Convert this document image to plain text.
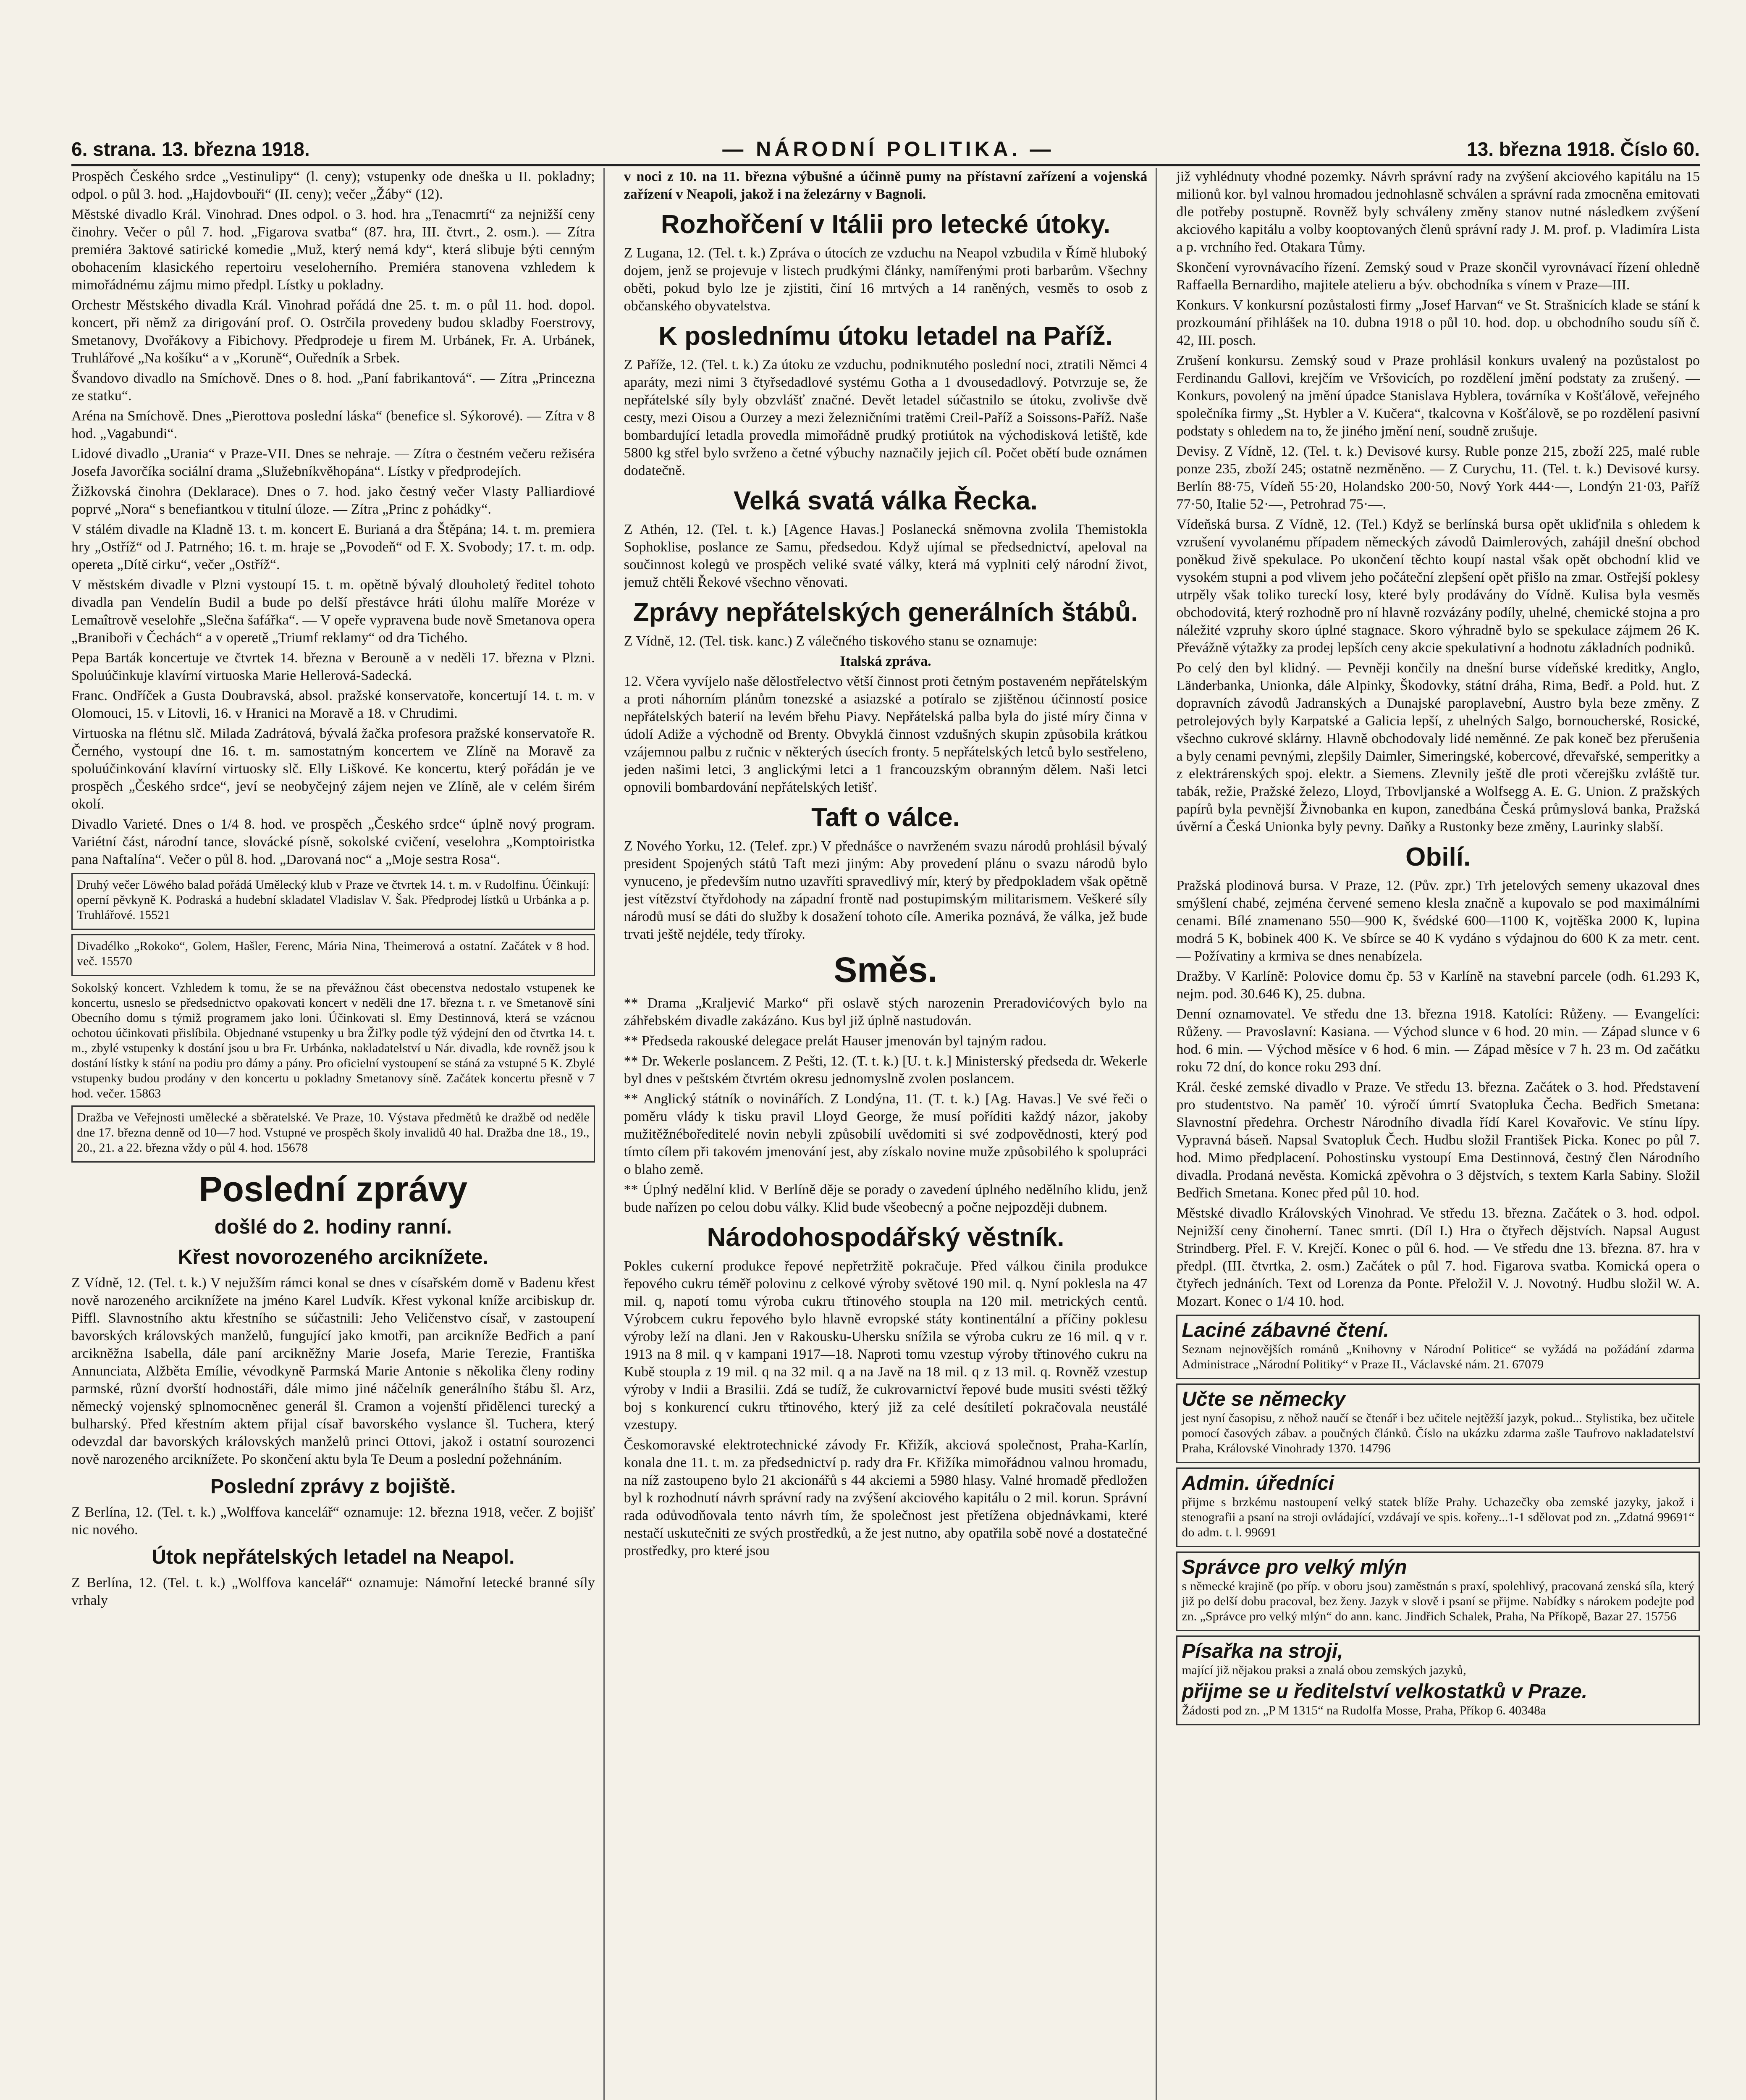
6. strana. 13. března 1918.	— NÁRODNÍ POLITIKA. —	13. března 1918. Číslo 60.

Prospěch Českého srdce „Vestinulipy“ (l. ceny); vstupenky ode dneška u II. pokladny; odpol. o půl 3. hod. „Hajdovbouři“ (II. ceny); večer „Žáby“ (12).

Městské divadlo Král. Vinohrad. Dnes odpol. o 3. hod. hra „Tenacmrtí“ za nejnižší ceny činohry. Večer o půl 7. hod. „Figarova svatba“ (87. hra, III. čtvrt., 2. osm.). — Zítra premiéra 3aktové satirické komedie „Muž, který nemá kdy“, která slibuje býti cenným obohacením klasického repertoiru veseloherního. Premiéra stanovena vzhledem k mimořádnému zájmu mimo předpl. Lístky u pokladny.

Orchestr Městského divadla Král. Vinohrad pořádá dne 25. t. m. o půl 11. hod. dopol. koncert, při němž za dirigování prof. O. Ostrčila provedeny budou skladby Foerstrovy, Smetanovy, Dvořákovy a Fibichovy. Předprodeje u firem M. Urbánek, Fr. A. Urbánek, Truhlářové „Na košíku“ a v „Koruně“, Ouředník a Srbek.

Švandovo divadlo na Smíchově. Dnes o 8. hod. „Paní fabrikantová“. — Zítra „Princezna ze statku“.

Aréna na Smíchově. Dnes „Pierottova poslední láska“ (benefice sl. Sýkorové). — Zítra v 8 hod. „Vagabundi“.

Lidové divadlo „Urania“ v Praze-VII. Dnes se nehraje. — Zítra o čestném večeru režiséra Josefa Javorčíka sociální drama „Služebníkvěhopána“. Lístky v předprodejích.

Žižkovská činohra (Deklarace). Dnes o 7. hod. jako čestný večer Vlasty Palliardiové poprvé „Nora“ s benefiantkou v titulní úloze. — Zítra „Princ z pohádky“.

V stálém divadle na Kladně 13. t. m. koncert E. Burianá a dra Štěpána; 14. t. m. premiera hry „Ostříž“ od J. Patrného; 16. t. m. hraje se „Povodeň“ od F. X. Svobody; 17. t. m. odp. opereta „Dítě cirku“, večer „Ostříž“.

V městském divadle v Plzni vystoupí 15. t. m. opětně bývalý dlouholetý ředitel tohoto divadla pan Vendelín Budil a bude po delší přestávce hráti úlohu malíře Moréze v Lemaîtrově veselohře „Slečna šafářka“. — V opeře vypravena bude nově Smetanova opera „Braniboři v Čechách“ a v operetě „Triumf reklamy“ od dra Tichého.

Pepa Barták koncertuje ve čtvrtek 14. března v Berouně a v neděli 17. března v Plzni. Spoluúčinkuje klavírní virtuoska Marie Hellerová-Sadecká.

Franc. Ondříček a Gusta Doubravská, absol. pražské konservatoře, koncertují 14. t. m. v Olomouci, 15. v Litovli, 16. v Hranici na Moravě a 18. v Chrudimi.

Virtuoska na flétnu slč. Milada Zadrátová, bývalá žačka profesora pražské konservatoře R. Černého, vystoupí dne 16. t. m. samostatným koncertem ve Zlíně na Moravě za spoluúčinkování klavírní virtuosky slč. Elly Liškové. Ke koncertu, který pořádán je ve prospěch „Českého srdce“, jeví se neobyčejný zájem nejen ve Zlíně, ale v celém širém okolí.

Divadlo Varieté. Dnes o 1/4 8. hod. ve prospěch „Českého srdce“ úplně nový program. Variétní část, národní tance, slovácké písně, sokolské cvičení, veselohra „Komptoiristka pana Naftalína“. Večer o půl 8. hod. „Darovaná noc“ a „Moje sestra Rosa“.

Druhý večer Löwého balad pořádá Umělecký klub v Praze ve čtvrtek 14. t. m. v Rudolfinu. Účinkují: operní pěvkyně K. Podraská a hudební skladatel Vladislav V. Šak. Předprodej lístků u Urbánka a p. Truhlářové. 15521

Divadélko „Rokoko“, Golem, Hašler, Ferenc, Mária Nina, Theimerová a ostatní. Začátek v 8 hod. več. 15570

Sokolský koncert. Vzhledem k tomu, že se na převážnou část obecenstva nedostalo vstupenek ke koncertu, usneslo se předsednictvo opakovati koncert v neděli dne 17. března t. r. ve Smetanově síni Obecního domu s týmiž programem jako loni. Účinkovati sl. Emy Destinnová, která se vzácnou ochotou účinkovati přislíbila. Objednané vstupenky u bra Žiľky podle týž výdejní den od čtvrtka 14. t. m., zbylé vstupenky k dostání jsou u bra Fr. Urbánka, nakladatelství u Nár. divadla, kde rovněž jsou k dostání lístky k stání na podiu pro dámy a pány. Pro oficielní vystoupení se stáná za vstupné 5 K. Zbylé vstupenky budou prodány v den koncertu u pokladny Smetanovy síně. Začátek koncertu přesně v 7 hod. večer. 15863

Dražba ve Veřejnosti umělecké a sběratelské. Ve Praze, 10. Výstava předmětů ke dražbě od neděle dne 17. března denně od 10—7 hod. Vstupné ve prospěch školy invalidů 40 hal. Dražba dne 18., 19., 20., 21. a 22. března vždy o půl 4. hod. 15678

Poslední zprávy
došlé do 2. hodiny ranní.
Křest novorozeného arciknížete.

Z Vídně, 12. (Tel. t. k.) V nejužším rámci konal se dnes v císařském domě v Badenu křest nově narozeného arciknížete na jméno Karel Ludvík. Křest vykonal kníže arcibiskup dr. Piffl. Slavnostního aktu křestního se súčastnili: Jeho Veličenstvo císař, v zastoupení bavorských královských manželů, fungující jako kmotři, pan arcikníže Bedřich a paní arcikněžna Isabella, dále paní arcikněžny Marie Josefa, Marie Terezie, Františka Annunciata, Alžběta Emílie, vévodkyně Parmská Marie Antonie s několika členy rodiny parmské, různí dvorští hodnostáři, dále mimo jiné náčelník generálního štábu šl. Arz, německý vojenský splnomocněnec generál šl. Cramon a vojenští přidělenci turecký a bulharský. Před křestním aktem přijal císař bavorského vyslance šl. Tuchera, který odevzdal dar bavorských královských manželů princi Ottovi, jakož i ostatní sourozenci nově narozeného arciknížete. Po skončení aktu byla Te Deum a poslední požehnáním.

Poslední zprávy z bojiště.

Z Berlína, 12. (Tel. t. k.) „Wolffova kancelář“ oznamuje: 12. března 1918, večer. Z bojišť nic nového.

Útok nepřátelských letadel na Neapol.

Z Berlína, 12. (Tel. t. k.) „Wolffova kancelář“ oznamuje: Námořní letecké branné síly vrhaly

v noci z 10. na 11. března výbušné a účinně pumy na přístavní zařízení a vojenská zařízení v Neapoli, jakož i na železárny v Bagnoli.

Rozhořčení v Itálii pro letecké útoky.

Z Lugana, 12. (Tel. t. k.) Zpráva o útocích ze vzduchu na Neapol vzbudila v Římě hluboký dojem, jenž se projevuje v listech prudkými články, namířenými proti barbarům. Všechny oběti, pokud bylo lze je zjistiti, činí 16 mrtvých a 14 raněných, vesměs to osob z občanského obyvatelstva.

K poslednímu útoku letadel na Paříž.

Z Paříže, 12. (Tel. t. k.) Za útoku ze vzduchu, podniknutého poslední noci, ztratili Němci 4 aparáty, mezi nimi 3 čtyřsedadlové systému Gotha a 1 dvousedadlový. Potvrzuje se, že nepřátelské síly byly obzvlášť značné. Devět letadel súčastnilo se útoku, zvolivše dvě cesty, mezi Oisou a Ourzey a mezi železničními tratěmi Creil-Paříž a Soissons-Paříž. Naše bombardující letadla provedla mimořádně prudký protiútok na východisková letiště, kde 5800 kg střel bylo svrženo a četné výbuchy naznačily jejich cíl. Počet obětí bude oznámen dodatečně.

Velká svatá válka Řecka.

Z Athén, 12. (Tel. t. k.) [Agence Havas.] Poslanecká sněmovna zvolila Themistokla Sophoklise, poslance ze Samu, předsedou. Když ujímal se předsednictví, apeloval na součinnost kolegů ve prospěch veliké svaté války, která má vyplniti celý národní život, jemuž chtěli Řekové všechno věnovati.

Zprávy nepřátelských generálních štábů.

Z Vídně, 12. (Tel. tisk. kanc.) Z válečného tiskového stanu se oznamuje:

Italská zpráva.

12. Včera vyvíjelo naše dělostřelectvo větší činnost proti četným postaveném nepřátelským a proti náhorním plánům tonezské a asiazské a potíralo se zjištěnou účinností posice nepřátelských baterií na levém břehu Piavy. Nepřátelská palba byla do jisté míry činna v údolí Adiže a východně od Brenty. Obvyklá činnost vzdušných skupin způsobila krátkou vzájemnou palbu z ručnic v některých úsecích fronty. 5 nepřátelských letců bylo sestřeleno, jeden našimi letci, 3 anglickými letci a 1 francouzským obranným dělem. Naši letci opnovili bombardování nepřátelských letišť.

Taft o válce.

Z Nového Yorku, 12. (Telef. zpr.) V přednášce o navrženém svazu národů prohlásil bývalý president Spojených států Taft mezi jiným: Aby provedení plánu o svazu národů bylo vynuceno, je především nutno uzavříti spravedlivý mír, který by předpokladem však opětně jest vítězství čtyřdohody na západní frontě nad postupimským militarismem. Veškeré síly národů musí se dáti do služby k dosažení tohoto cíle. Amerika poznává, že válka, jež bude trvati ještě nejdéle, tedy tříroky.

Směs.

** Drama „Kraljević Marko“ při oslavě stých narozenin Preradovićových bylo na záhřebském divadle zakázáno. Kus byl již úplně nastudován.

** Předseda rakouské delegace prelát Hauser jmenován byl tajným radou.

** Dr. Wekerle poslancem. Z Pešti, 12. (T. t. k.) [U. t. k.] Ministerský předseda dr. Wekerle byl dnes v peštském čtvrtém okresu jednomyslně zvolen poslancem.

** Anglický státník o novinářích. Z Londýna, 11. (T. t. k.) [Ag. Havas.] Ve své řeči o poměru vlády k tisku pravil Lloyd George, že musí poříditi každý názor, jakoby mužitěžnéboředitelé novin nebyli způsobilí uvědomiti si své zodpovědnosti, který pod tímto cílem při takovém jmenování jest, aby získalo novine muže způsobilého k spolupráci o blaho země.

** Úplný nedělní klid. V Berlíně děje se porady o zavedení úplného nedělního klidu, jenž bude nařízen po celou dobu války. Klid bude všeobecný a počne nejpozději dubnem.

Národohospodářský věstník.

Pokles cukerní produkce řepové nepřetržitě pokračuje. Před válkou činila produkce řepového cukru téměř polovinu z celkové výroby světové 190 mil. q. Nyní poklesla na 47 mil. q, napotí tomu výroba cukru třtinového stoupla na 120 mil. metrických centů. Výrobcem cukru řepového bylo hlavně evropské státy kontinentální a příčiny poklesu výroby leží na dlani. Jen v Rakousku-Uhersku snížila se výroba cukru ze 16 mil. q v r. 1913 na 8 mil. q v kampani 1917—18. Naproti tomu vzestup výroby třtinového cukru na Kubě stoupla z 19 mil. q na 32 mil. q a na Javě na 18 mil. q z 13 mil. q. Rovněž vzestup výroby v Indii a Brasilii. Zdá se tudíž, že cukrovarnictví řepové bude musiti svésti těžký boj s konkurencí cukru třtinového, který již za celé desítiletí pokračovala neustálé vzestupy.

Českomoravské elektrotechnické závody Fr. Křižík, akciová společnost, Praha-Karlín, konala dne 11. t. m. za předsednictví p. rady dra Fr. Křižíka mimořádnou valnou hromadu, na níž zastoupeno bylo 21 akcionářů s 44 akciemi a 5980 hlasy. Valné hromadě předložen byl k rozhodnutí návrh správní rady na zvýšení akciového kapitálu o 2 mil. korun. Správní rada odůvodňovala tento návrh tím, že společnost jest přetížena objednávkami, které nestačí uskutečniti ze svých prostředků, a že jest nutno, aby opatřila sobě nové a dostatečné prostředky, pro které jsou

již vyhlédnuty vhodné pozemky. Návrh správní rady na zvýšení akciového kapitálu na 15 milionů kor. byl valnou hromadou jednohlasně schválen a správní rada zmocněna emitovati dle potřeby postupně. Rovněž byly schváleny změny stanov nutné následkem zvýšení akciového kapitálu a volby kooptovaných členů správní rady J. M. prof. p. Vladimíra Lista a p. vrchního řed. Otakara Tůmy.

Skončení vyrovnávacího řízení. Zemský soud v Praze skončil vyrovnávací řízení ohledně Raffaella Bernardiho, majitele atelieru a býv. obchodníka s vínem v Praze—III.

Konkurs. V konkursní pozůstalosti firmy „Josef Harvan“ ve St. Strašnicích klade se stání k prozkoumání přihlášek na 10. dubna 1918 o půl 10. hod. dop. u obchodního soudu síň č. 42, III. posch.

Zrušení konkursu. Zemský soud v Praze prohlásil konkurs uvalený na pozůstalost po Ferdinandu Gallovi, krejčím ve Vršovicích, po rozdělení jmění podstaty za zrušený. — Konkurs, povolený na jmění úpadce Stanislava Hyblera, továrníka v Košťálově, veřejného společníka firmy „St. Hybler a V. Kučera“, tkalcovna v Košťálově, se po rozdělení pasivní podstaty s ohledem na to, že jiného jmění není, soudně zrušuje.

Devisy. Z Vídně, 12. (Tel. t. k.) Devisové kursy. Ruble ponze 215, zboží 225, malé ruble ponze 235, zboží 245; ostatně nezměněno. — Z Curychu, 11. (Tel. t. k.) Devisové kursy. Berlín 88·75, Vídeň 55·20, Holandsko 200·50, Nový York 444·—, Londýn 21·03, Paříž 77·50, Italie 52·—, Petrohrad 75·—.

Vídeňská bursa. Z Vídně, 12. (Tel.) Když se berlínská bursa opět ukliďnila s ohledem k vzrušení vyvolanému případem německých závodů Daimlerových, zahájil dnešní obchod poněkud živě spekulace. Po ukončení těchto koupí nastal však opět obchodní klid ve vysokém stupni a pod vlivem jeho počáteční zlepšení opět přišlo na zmar. Ostřejší poklesy utrpěly však toliko tureckí losy, které byly prodávány do Vídně. Kulisa byla vesměs obchodovitá, který rozhodně pro ní hlavně rozvázány podíly, uhelné, chemické stojna a pro náležité vzpruhy skoro úplné stagnace. Skoro výhradně bylo se spekulace zájmem 26 K. Převážně výtažky za prodej lepších ceny akcie spekulativní a hodnotu základních podniků.

Po celý den byl klidný. — Pevněji končily na dnešní burse vídeňské kreditky, Anglo, Länderbanka, Unionka, dále Alpinky, Škodovky, státní dráha, Rima, Bedř. a Pold. hut. Z dopravních závodů Jadranských a Dunajské paroplavební, Austro byla beze změny. Z petrolejových byly Karpatské a Galicia lepší, z uhelných Salgo, bornoucherské, Rosické, všechno cukrové sklárny. Hlavně obchodovaly lidé neměnné. Ze pak koneč bez přerušenia a byly cenami pevnými, zlepšily Daimler, Simeringské, kobercové, dřevařské, semperitky a z elektrárenských spoj. elektr. a Siemens. Zlevnily ještě dle proti včerejšku zvláště tur. tabák, režie, Pražské železo, Lloyd, Trbovljanské a Wolfsegg A. E. G. Union. Z pražských papírů byla pevnější Živnobanka en kupon, zanedbána Česká průmyslová banka, Pražská úvěrní a Česká Unionka byly pevny. Daňky a Rustonky beze změny, Laurinky slabší.

Obilí.

Pražská plodinová bursa. V Praze, 12. (Pův. zpr.) Trh jetelových semeny ukazoval dnes smýšlení chabé, zejména červené semeno klesla značně a kupovalo se pod maximálními cenami. Bílé znamenano 550—900 K, švédské 600—1100 K, vojtěška 2000 K, lupina modrá 5 K, bobinek 400 K. Ve sbírce se 40 K vydáno s výdajnou do 600 K za metr. cent. — Požívatiny a krmiva se dnes nenabízela.

Dražby. V Karlíně: Polovice domu čp. 53 v Karlíně na stavební parcele (odh. 61.293 K, nejm. pod. 30.646 K), 25. dubna.

Denní oznamovatel. Ve středu dne 13. března 1918. Katolíci: Růženy. — Evangelíci: Růženy. — Pravoslavní: Kasiana. — Východ slunce v 6 hod. 20 min. — Západ slunce v 6 hod. 6 min. — Východ měsíce v 6 hod. 6 min. — Západ měsíce v 7 h. 23 m. Od začátku roku 72 dní, do konce roku 293 dní.

Král. české zemské divadlo v Praze. Ve středu 13. března. Začátek o 3. hod. Představení pro studentstvo. Na paměť 10. výročí úmrtí Svatopluka Čecha. Bedřich Smetana: Slavnostní předehra. Orchestr Národního divadla řídí Karel Kovařovic. Ve stínu lípy. Vypravná báseň. Napsal Svatopluk Čech. Hudbu složil František Picka. Konec po půl 7. hod. Mimo předplacení. Pohostinsku vystoupí Ema Destinnová, čestný člen Národního divadla. Prodaná nevěsta. Komická zpěvohra o 3 dějstvích, s textem Karla Sabiny. Složil Bedřich Smetana. Konec před půl 10. hod.

Městské divadlo Královských Vinohrad. Ve středu 13. března. Začátek o 3. hod. odpol. Nejnižší ceny činoherní. Tanec smrti. (Díl I.) Hra o čtyřech dějstvích. Napsal August Strindberg. Přel. F. V. Krejčí. Konec o půl 6. hod. — Ve středu dne 13. března. 87. hra v předpl. (III. čtvrtka, 2. osm.) Začátek o půl 7. hod. Figarova svatba. Komická opera o čtyřech jednáních. Text od Lorenza da Ponte. Přeložil V. J. Novotný. Hudbu složil W. A. Mozart. Konec o 1/4 10. hod.

Laciné zábavné čtení.

Seznam nejnovějších románů „Knihovny v Národní Politice“ se vyžádá na požádání zdarma Administrace „Národní Politiky“ v Praze II., Václavské nám. 21. 67079

Učte se německy

jest nyní časopisu, z něhož naučí se čtenář i bez učitele nejtěžší jazyk, pokud... Stylistika, bez učitele pomocí časových zábav. a poučných článků. Číslo na ukázku zdarma zašle Taufrovo nakladatelství Praha, Královské Vinohrady 1370. 14796

Admin. úředníci

přijme s brzkému nastoupení velký statek blíže Prahy. Uchazečky oba zemské jazyky, jakož i stenografii a psaní na stroji ovládající, vzdávají ve spis. kořeny...1-1 sdělovat pod zn. „Zdatná 99691“ do adm. t. l. 99691

Správce pro velký mlýn

s německé krajině (po příp. v oboru jsou) zaměstnán s praxí, spolehlivý, pracovaná zenská síla, který již po delší dobu pracoval, bez ženy. Jazyk v slově i psaní se přijme. Nabídky s nárokem podejte pod zn. „Správce pro velký mlýn“ do ann. kanc. Jindřich Schalek, Praha, Na Příkopě, Bazar 27. 15756

Písařka na stroji,

mající již nějakou praksi a znalá obou zemských jazyků,

přijme se u ředitelství velkostatků v Praze.

Žádosti pod zn. „P M 1315“ na Rudolfa Mosse, Praha, Příkop 6. 40348a
